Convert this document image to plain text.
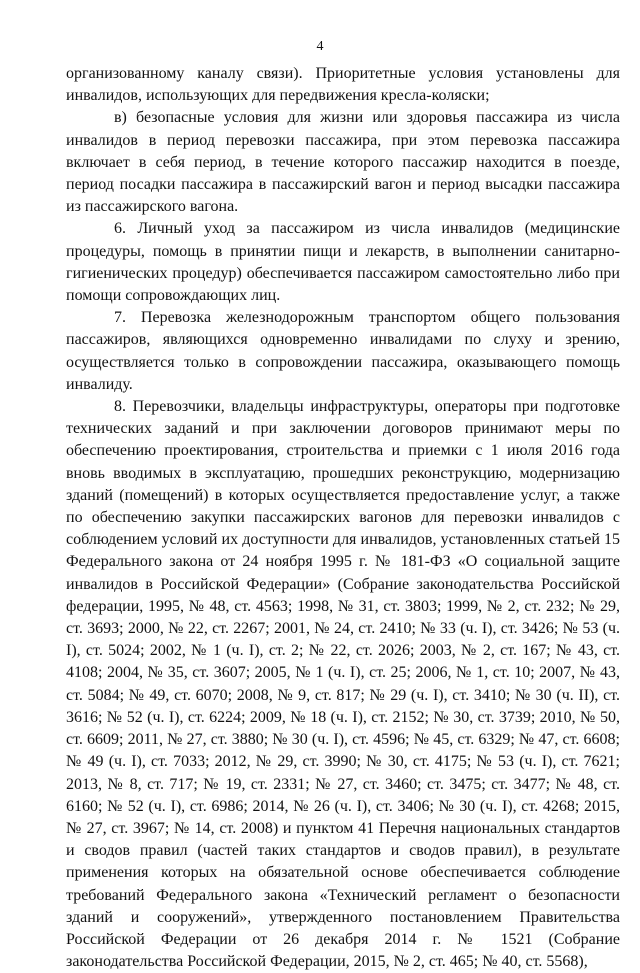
4

организованному каналу связи). Приоритетные условия установлены для инвалидов, использующих для передвижения кресла-коляски;

в) безопасные условия для жизни или здоровья пассажира из числа инвалидов в период перевозки пассажира, при этом перевозка пассажира включает в себя период, в течение которого пассажир находится в поезде, период посадки пассажира в пассажирский вагон и период высадки пассажира из пассажирского вагона.

6. Личный уход за пассажиром из числа инвалидов (медицинские процедуры, помощь в принятии пищи и лекарств, в выполнении санитарно-гигиенических процедур) обеспечивается пассажиром самостоятельно либо при помощи сопровождающих лиц.

7. Перевозка железнодорожным транспортом общего пользования пассажиров, являющихся одновременно инвалидами по слуху и зрению, осуществляется только в сопровождении пассажира, оказывающего помощь инвалиду.

8. Перевозчики, владельцы инфраструктуры, операторы при подготовке технических заданий и при заключении договоров принимают меры по обеспечению проектирования, строительства и приемки с 1 июля 2016 года вновь вводимых в эксплуатацию, прошедших реконструкцию, модернизацию зданий (помещений) в которых осуществляется предоставление услуг, а также по обеспечению закупки пассажирских вагонов для перевозки инвалидов с соблюдением условий их доступности для инвалидов, установленных статьей 15 Федерального закона от 24 ноября 1995 г. № 181-ФЗ «О социальной защите инвалидов в Российской Федерации» (Собрание законодательства Российской федерации, 1995, № 48, ст. 4563; 1998, № 31, ст. 3803; 1999, № 2, ст. 232; № 29, ст. 3693; 2000, № 22, ст. 2267; 2001, № 24, ст. 2410; № 33 (ч. I), ст. 3426; № 53 (ч. I), ст. 5024; 2002, № 1 (ч. I), ст. 2; № 22, ст. 2026; 2003, № 2, ст. 167; № 43, ст. 4108; 2004, № 35, ст. 3607; 2005, № 1 (ч. I), ст. 25; 2006, № 1, ст. 10; 2007, № 43, ст. 5084; № 49, ст. 6070; 2008, № 9, ст. 817; № 29 (ч. I), ст. 3410; № 30 (ч. II), ст. 3616; № 52 (ч. I), ст. 6224; 2009, № 18 (ч. I), ст. 2152; № 30, ст. 3739; 2010, № 50, ст. 6609; 2011, № 27, ст. 3880; № 30 (ч. I), ст. 4596; № 45, ст. 6329; № 47, ст. 6608; № 49 (ч. I), ст. 7033; 2012, № 29, ст. 3990; № 30, ст. 4175; № 53 (ч. I), ст. 7621; 2013, № 8, ст. 717; № 19, ст. 2331; № 27, ст. 3460; ст. 3475; ст. 3477; № 48, ст. 6160; № 52 (ч. I), ст. 6986; 2014, № 26 (ч. I), ст. 3406; № 30 (ч. I), ст. 4268; 2015, № 27, ст. 3967; № 14, ст. 2008) и пунктом 41 Перечня национальных стандартов и сводов правил (частей таких стандартов и сводов правил), в результате применения которых на обязательной основе обеспечивается соблюдение требований Федерального закона «Технический регламент о безопасности зданий и сооружений», утвержденного постановлением Правительства Российской Федерации от 26 декабря 2014 г. № 1521 (Собрание законодательства Российской Федерации, 2015, № 2, ст. 465; № 40, ст. 5568),
